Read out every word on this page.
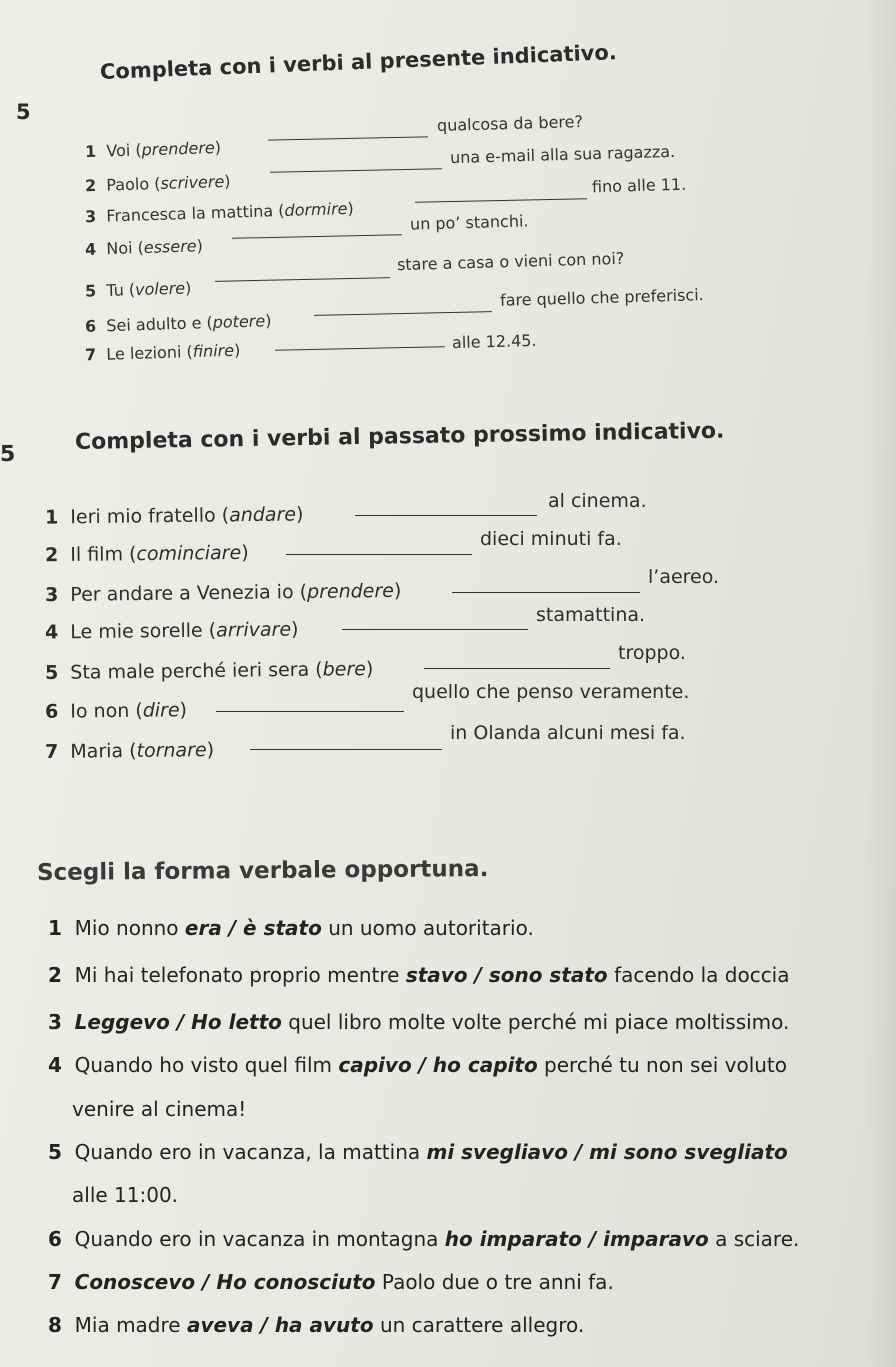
5
Completa con i verbi al presente indicativo.
1 Voi (prendere)
qualcosa da bere?
2 Paolo (scrivere)
una e-mail alla sua ragazza.
3 Francesca la mattina (dormire)
fino alle 11.
4 Noi (essere)
un po’ stanchi.
5 Tu (volere)
stare a casa o vieni con noi?
6 Sei adulto e (potere)
fare quello che preferisci.
7 Le lezioni (finire)	alle 12.45.
5	Completa con i verbi al passato prossimo indicativo.
1 Ieri mio fratello (andare)
al cinema.
2 Il film (cominciare)
dieci minuti fa.
3 Per andare a Venezia io (prendere)
l’aereo.
4 Le mie sorelle (arrivare)
stamattina.
5 Sta male perché ieri sera (bere)
troppo.
6 Io non (dire)
quello che penso veramente.
7 Maria (tornare)
in Olanda alcuni mesi fa.
Scegli la forma verbale opportuna.
1 Mio nonno era / è stato un uomo autoritario.
2 Mi hai telefonato proprio mentre stavo / sono stato facendo la doccia
3 Leggevo / Ho letto quel libro molte volte perché mi piace moltissimo.
4 Quando ho visto quel film capivo / ho capito perché tu non sei voluto
venire al cinema!
5 Quando ero in vacanza, la mattina mi svegliavo / mi sono svegliato
alle 11:00.
6 Quando ero in vacanza in montagna ho imparato / imparavo a sciare.
7 Conoscevo / Ho conosciuto Paolo due o tre anni fa.
8 Mia madre aveva / ha avuto un carattere allegro.
